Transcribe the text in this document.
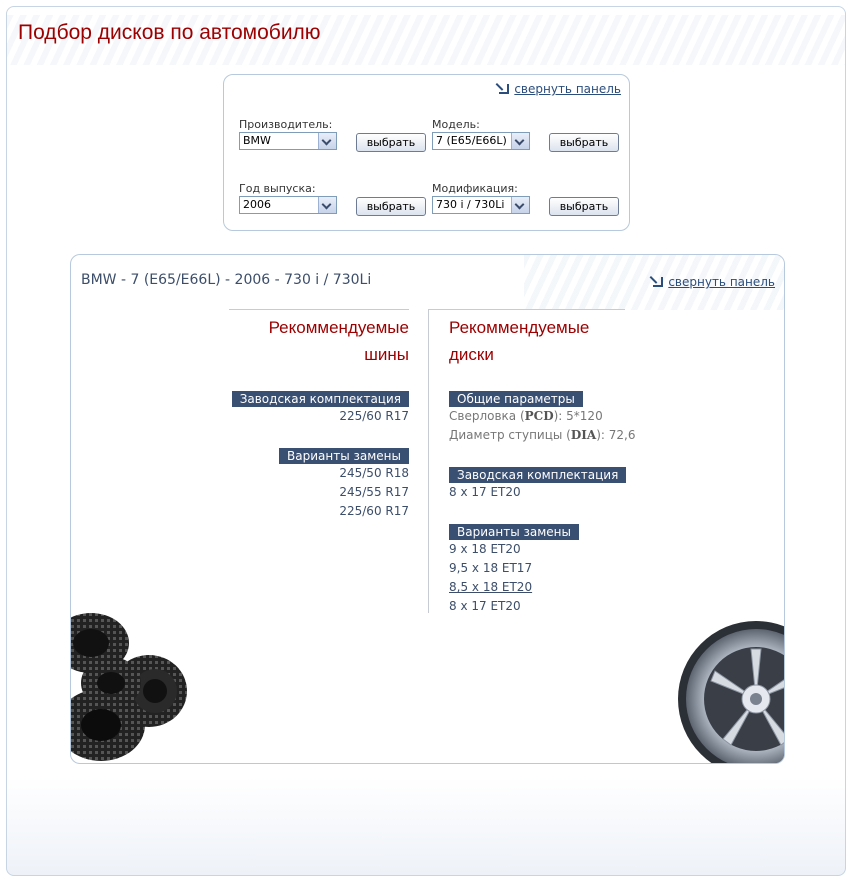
Подбор дисков по автомобилю
свернуть панель
Производитель:
BMW	выбрать
Модель:
7 (E65/E66L)	выбрать
Год выпуска:
2006	выбрать
Модификация:
730 i / 730Li	выбрать
BMW - 7 (E65/E66L) - 2006 - 730 i / 730Li	свернуть панель
Рекоммендуемые
шины
Заводская комплектация
225/60 R17
Варианты замены
245/50 R18
245/55 R17
225/60 R17
Рекоммендуемые
диски
Общие параметры
Сверловка (PCD): 5*120
Диаметр ступицы (DIA): 72,6
Заводская комплектация
8 x 17 ET20
Варианты замены
9 x 18 ET20
9,5 x 18 ET17
8,5 x 18 ET20
8 x 17 ET20
